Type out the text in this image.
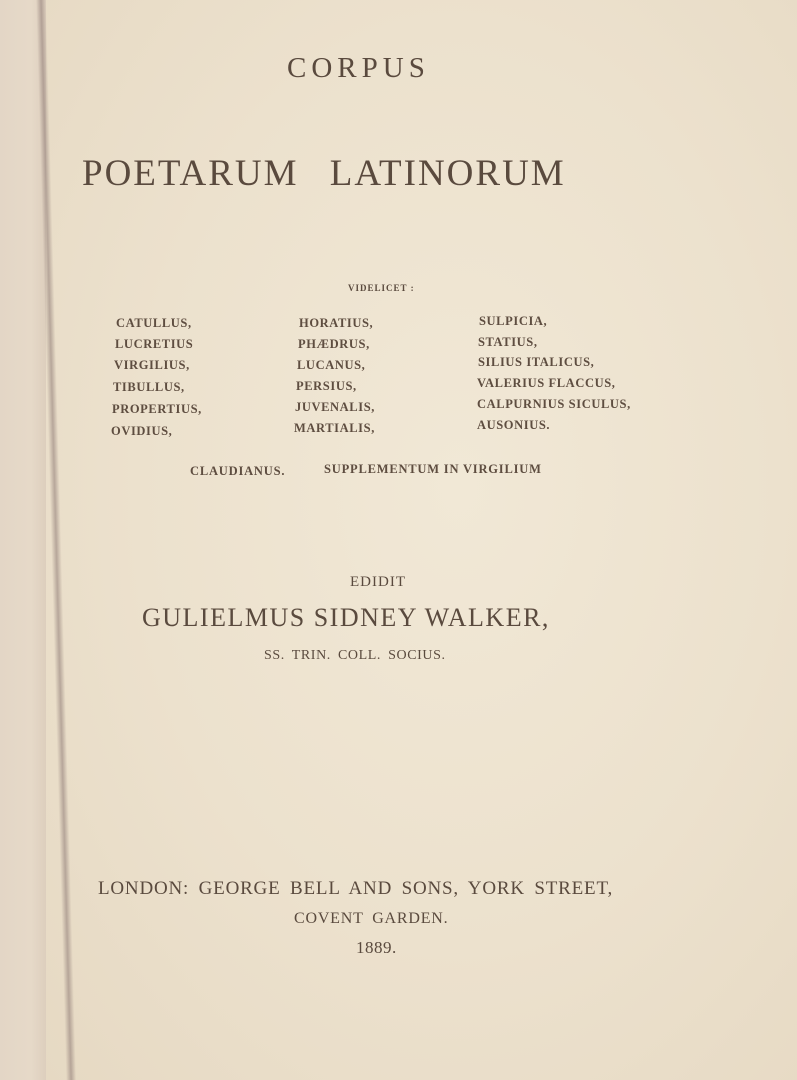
CORPUS
POETARUM LATINORUM
VIDELICET :
CATULLUS,
LUCRETIUS
VIRGILIUS,
TIBULLUS,
PROPERTIUS,
OVIDIUS,
HORATIUS,
PHÆDRUS,
LUCANUS,
PERSIUS,
JUVENALIS,
MARTIALIS,
SULPICIA,
STATIUS,
SILIUS ITALICUS,
VALERIUS FLACCUS,
CALPURNIUS SICULUS,
AUSONIUS.
CLAUDIANUS.	SUPPLEMENTUM IN VIRGILIUM
EDIDIT
GULIELMUS SIDNEY WALKER,
SS. TRIN. COLL. SOCIUS.
LONDON: GEORGE BELL AND SONS, YORK STREET,
COVENT GARDEN.
1889.
